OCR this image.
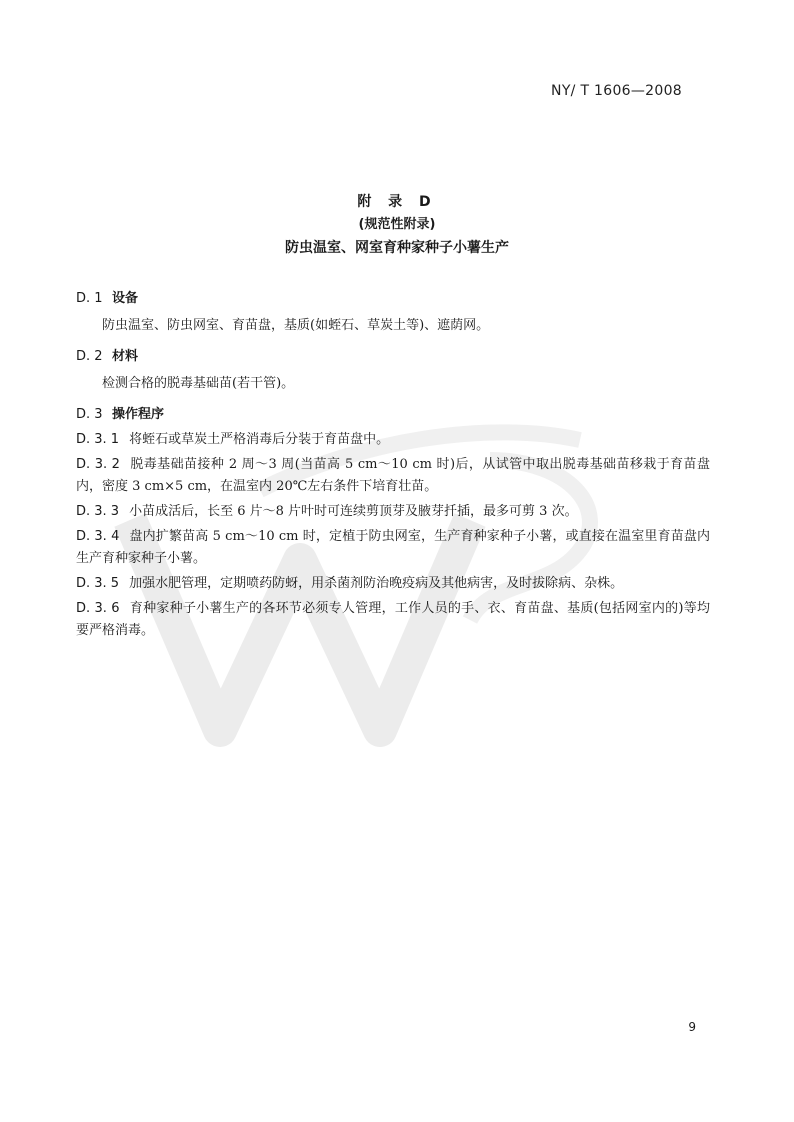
NY/ T 1606—2008
附 录 D
(规范性附录)
防虫温室、网室育种家种子小薯生产
D. 1 设备
防虫温室、防虫网室、育苗盘，基质(如蛭石、草炭土等)、遮荫网。
D. 2 材料
检测合格的脱毒基础苗(若干管)。
D. 3 操作程序
D. 3. 1 将蛭石或草炭土严格消毒后分装于育苗盘中。
D. 3. 2 脱毒基础苗接种 2 周～3 周(当苗高 5 cm～10 cm 时)后，从试管中取出脱毒基础苗移栽于育苗盘内，密度 3 cm×5 cm，在温室内 20℃左右条件下培育壮苗。
D. 3. 3 小苗成活后，长至 6 片～8 片叶时可连续剪顶芽及腋芽扦插，最多可剪 3 次。
D. 3. 4 盘内扩繁苗高 5 cm～10 cm 时，定植于防虫网室，生产育种家种子小薯，或直接在温室里育苗盘内生产育种家种子小薯。
D. 3. 5 加强水肥管理，定期喷药防蚜，用杀菌剂防治晚疫病及其他病害，及时拔除病、杂株。
D. 3. 6 育种家种子小薯生产的各环节必须专人管理，工作人员的手、衣、育苗盘、基质(包括网室内的)等均要严格消毒。
9
